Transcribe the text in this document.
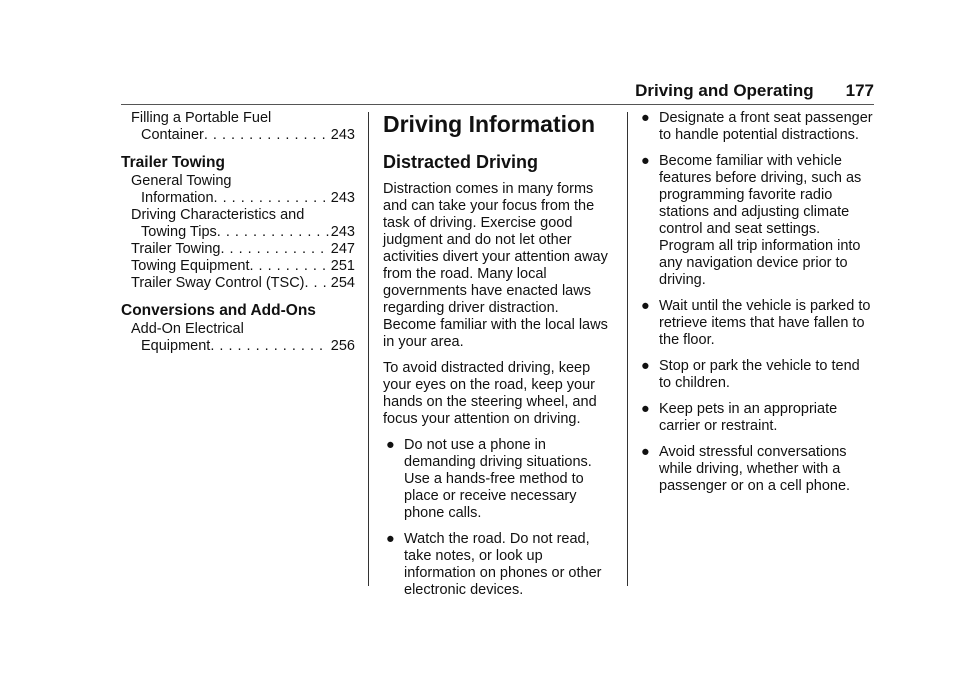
Driving and Operating 177
Filling a Portable Fuel
Container . . .	243
Trailer Towing
General Towing
Information . . .	243
Driving Characteristics and
Towing Tips . . .	243
Trailer Towing . . .	247
Towing Equipment . . .	251
Trailer Sway Control (TSC) . . . 254
Conversions and Add-Ons
Add-On Electrical
Equipment . . .	256
Driving Information
Distracted Driving

Distraction comes in many forms and can take your focus from the task of driving. Exercise good judgment and do not let other activities divert your attention away from the road. Many local governments have enacted laws regarding driver distraction. Become familiar with the local laws in your area.

To avoid distracted driving, keep your eyes on the road, keep your hands on the steering wheel, and focus your attention on driving.

● Do not use a phone in demanding driving situations. Use a hands-free method to place or receive necessary phone calls.
● Watch the road. Do not read, take notes, or look up information on phones or other electronic devices.
● Designate a front seat passenger to handle potential distractions.
● Become familiar with vehicle features before driving, such as programming favorite radio stations and adjusting climate control and seat settings. Program all trip information into any navigation device prior to driving.
● Wait until the vehicle is parked to retrieve items that have fallen to the floor.
● Stop or park the vehicle to tend to children.
● Keep pets in an appropriate carrier or restraint.
● Avoid stressful conversations while driving, whether with a passenger or on a cell phone.
